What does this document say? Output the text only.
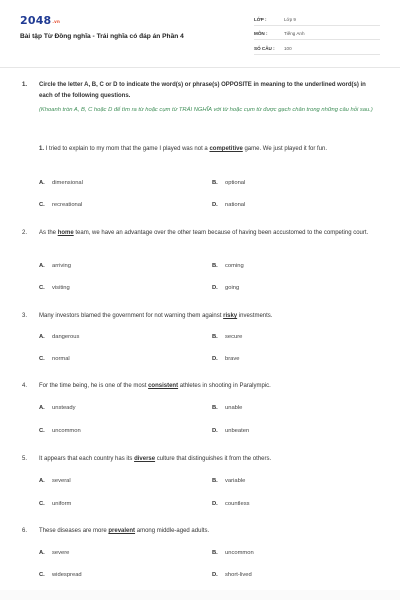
$2048^{.vn}$
Bài tập Từ Đồng nghĩa - Trái nghĩa có đáp án Phần 4
LỚP :	Lớp 9
MÔN :	Tiếng Anh
SỐ CÂU : 100
1.	Circle the letter A, B, C or D to indicate the word(s) or phrase(s) OPPOSITE in meaning to the underlined word(s) in each of the following questions.
(Khoanh tròn A, B, C hoặc D để tìm ra từ hoặc cụm từ TRÁI NGHĨA với từ hoặc cụm từ được gạch chân trong những câu hỏi sau.)
1. I tried to explain to my mom that the game I played was not a competitive game. We just played it for fun.
A. dimensional	B. optional
C. recreational	D. national
2.	As the home team, we have an advantage over the other team because of having been accustomed to the competing court.
A. arriving	B. coming
C. visiting	D. going
3.	Many investors blamed the government for not warning them against risky investments.
A. dangerous	B. secure
C. normal	D. brave
4.	For the time being, he is one of the most consistent athletes in shooting in Paralympic.
A. unsteady	B. unable
C. uncommon	D. unbeaten
5.	It appears that each country has its diverse culture that distinguishes it from the others.
A. several	B. variable
C. uniform	D. countless
6.	These diseases are more prevalent among middle-aged adults.
A. severe	B. uncommon
C. widespread	D. short-lived
